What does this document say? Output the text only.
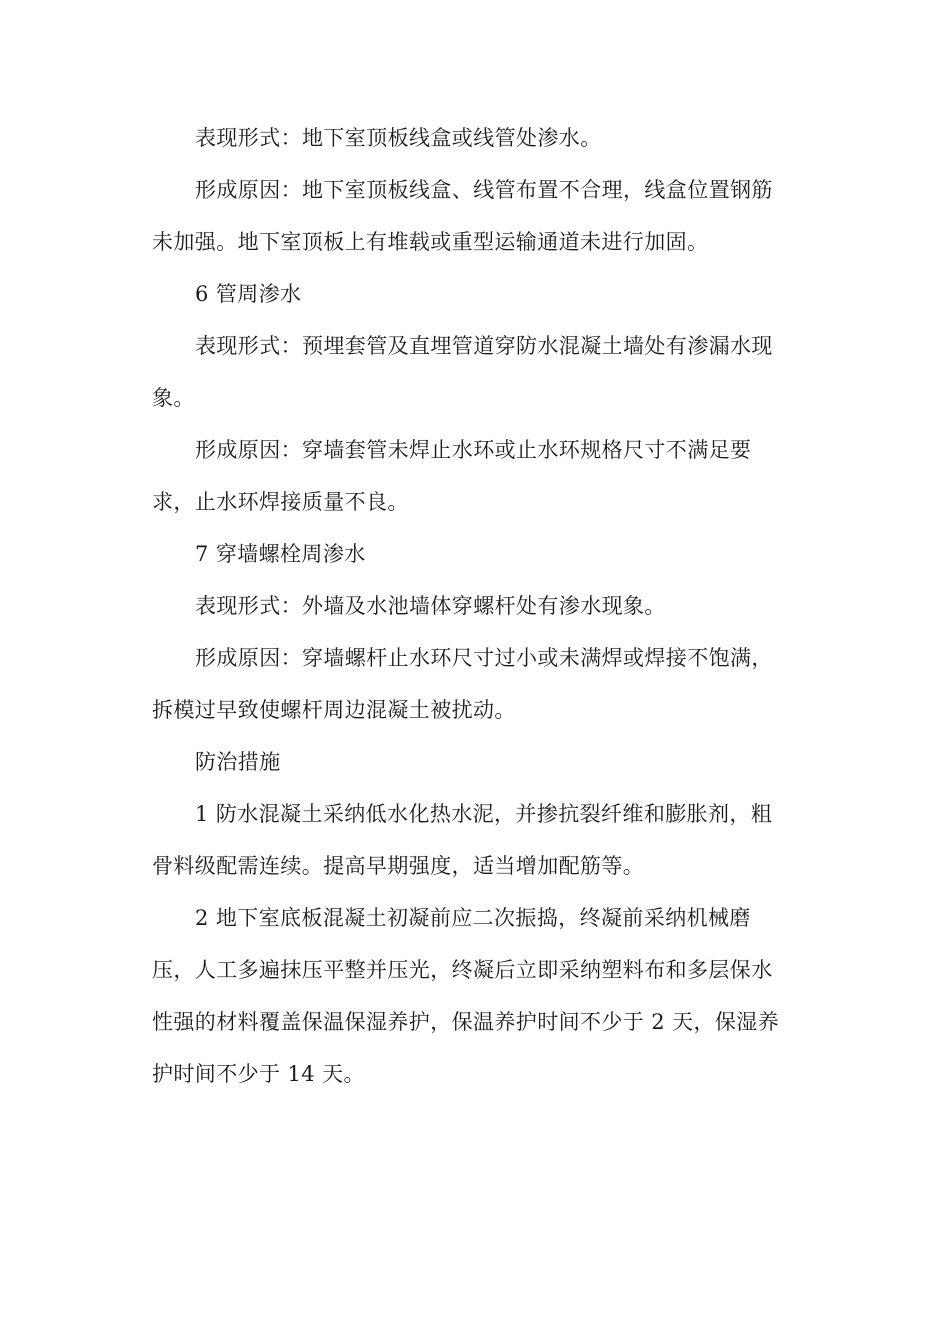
表现形式：地下室顶板线盒或线管处渗水。
形成原因：地下室顶板线盒、线管布置不合理，线盒位置钢筋
未加强。地下室顶板上有堆载或重型运输通道未进行加固。
6 管周渗水
表现形式：预埋套管及直埋管道穿防水混凝土墙处有渗漏水现
象。
形成原因：穿墙套管未焊止水环或止水环规格尺寸不满足要
求，止水环焊接质量不良。
7 穿墙螺栓周渗水
表现形式：外墙及水池墙体穿螺杆处有渗水现象。
形成原因：穿墙螺杆止水环尺寸过小或未满焊或焊接不饱满，
拆模过早致使螺杆周边混凝土被扰动。
防治措施
1 防水混凝土采纳低水化热水泥，并掺抗裂纤维和膨胀剂，粗
骨料级配需连续。提高早期强度，适当增加配筋等。
2 地下室底板混凝土初凝前应二次振捣，终凝前采纳机械磨
压，人工多遍抹压平整并压光，终凝后立即采纳塑料布和多层保水
性强的材料覆盖保温保湿养护，保温养护时间不少于 2 天，保湿养
护时间不少于 14 天。
